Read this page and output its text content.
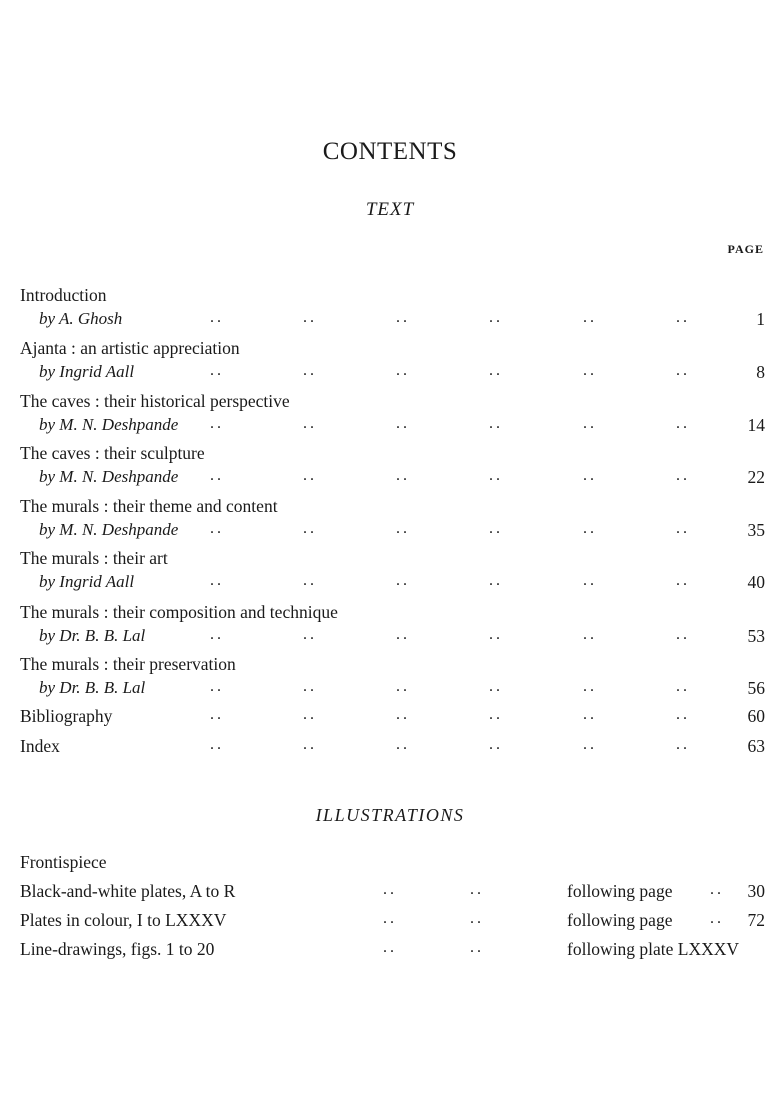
CONTENTS
TEXT
PAGE
Introduction
by A. Ghosh	..	..	..	..	..	..	1
Ajanta : an artistic appreciation
by Ingrid Aall	..	..	..	..	..	..	8
The caves : their historical perspective
by M. N. Deshpande ..	..	..	..	..	..	14
The caves : their sculpture
by M. N. Deshpande ..	..	..	..	..	..	22
The murals : their theme and content
by M. N. Deshpande ..	..	..	..	..	..	35
The murals : their art
by Ingrid Aall	..	..	..	..	..	..	40
The murals : their composition and technique
by Dr. B. B. Lal	..	..	..	..	..	..	53
The murals : their preservation
by Dr. B. B. Lal	..	..	..	..	..	..	56
Bibliography	..	..	..	..	..	..	60
Index	..	..	..	..	..	..	63
ILLUSTRATIONS
Frontispiece
Black-and-white plates, A to R	..	..	following page .. 30
Plates in colour, I to LXXXV	..	..	following page .. 72
Line-drawings, figs. 1 to 20	..	..	following plate LXXXV
